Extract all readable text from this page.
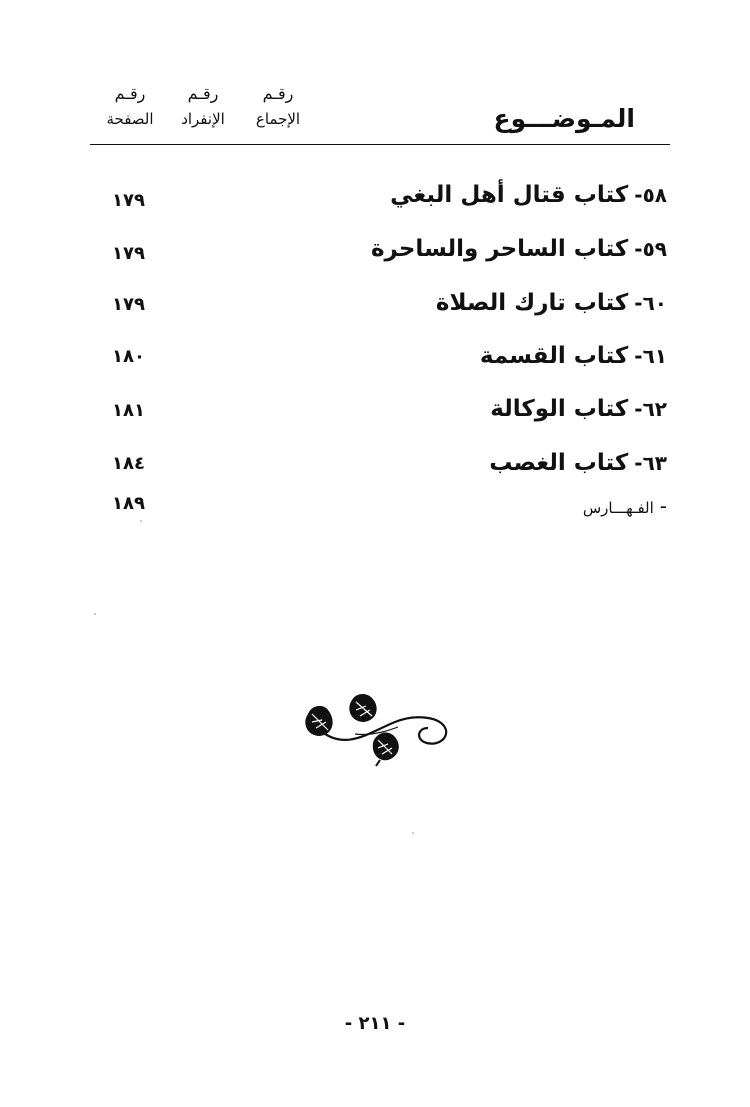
رقـم
الإجماع
رقـم
الإنفراد
رقـم
الصفحة	المـوضـــوع
٥٨-كتاب قتال أهل البغي
١٧٩
٥٩-كتاب الساحر والساحرة
١٧٩
٦٠-كتاب تارك الصلاة
١٧٩
٦١-كتاب القسمة
١٨٠
٦٢-كتاب الوكالة
١٨١
٦٣-كتاب الغصب
١٨٤
-الفـهـــارس
١٨٩
- ٢١١ -
